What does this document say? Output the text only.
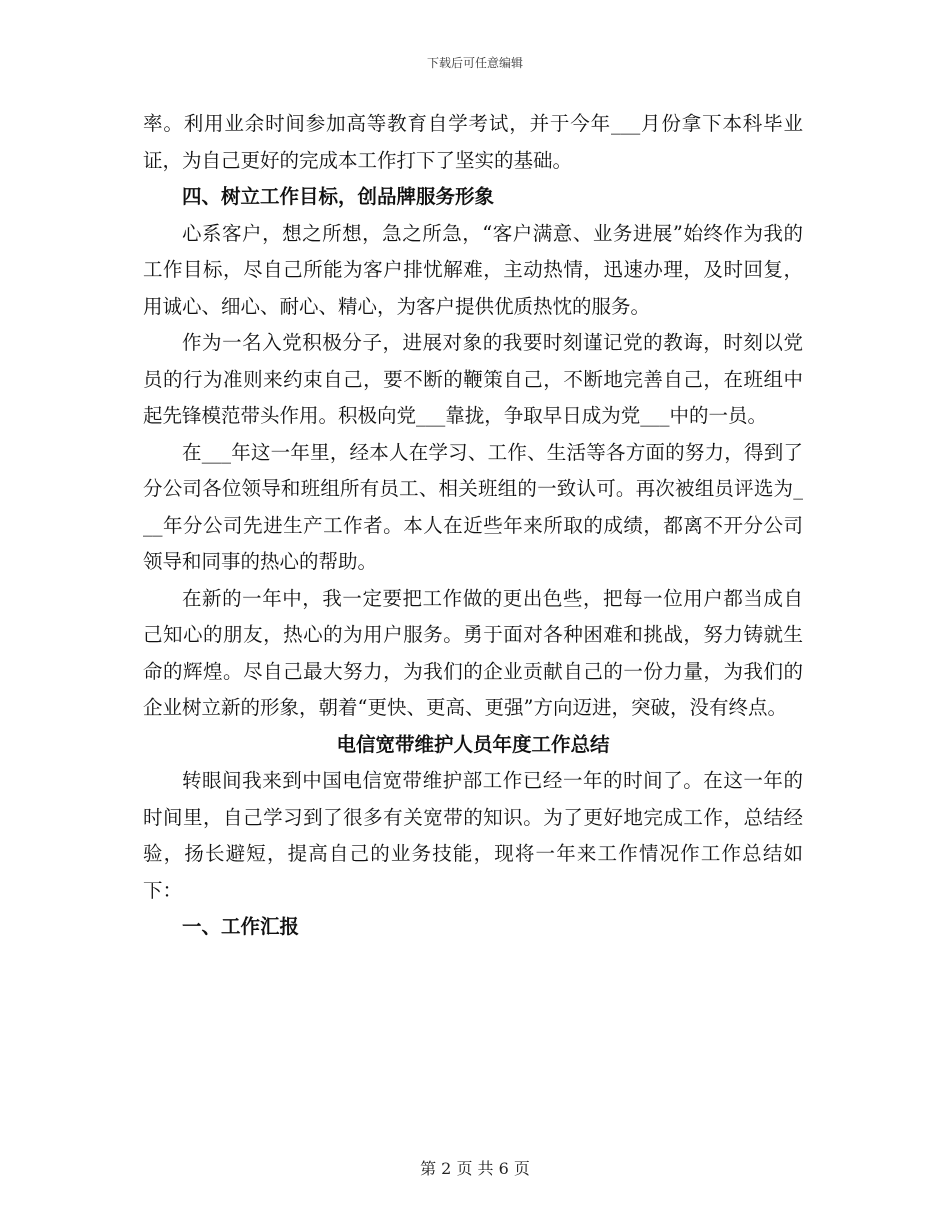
下载后可任意编辑

率。利用业余时间参加高等教育自学考试，并于今年___月份拿下本科毕业证，为自己更好的完成本工作打下了坚实的基础。

四、树立工作目标，创品牌服务形象

心系客户，想之所想，急之所急，“客户满意、业务进展”始终作为我的工作目标，尽自己所能为客户排忧解难，主动热情，迅速办理，及时回复，用诚心、细心、耐心、精心，为客户提供优质热忱的服务。

作为一名入党积极分子，进展对象的我要时刻谨记党的教诲，时刻以党员的行为准则来约束自己，要不断的鞭策自己，不断地完善自己，在班组中起先锋模范带头作用。积极向党___靠拢，争取早日成为党___中的一员。

在___年这一年里，经本人在学习、工作、生活等各方面的努力，得到了分公司各位领导和班组所有员工、相关班组的一致认可。再次被组员评选为___年分公司先进生产工作者。本人在近些年来所取的成绩，都离不开分公司领导和同事的热心的帮助。

在新的一年中，我一定要把工作做的更出色些，把每一位用户都当成自己知心的朋友，热心的为用户服务。勇于面对各种困难和挑战，努力铸就生命的辉煌。尽自己最大努力，为我们的企业贡献自己的一份力量，为我们的企业树立新的形象，朝着“更快、更高、更强”方向迈进，突破，没有终点。

电信宽带维护人员年度工作总结

转眼间我来到中国电信宽带维护部工作已经一年的时间了。在这一年的时间里，自己学习到了很多有关宽带的知识。为了更好地完成工作，总结经验，扬长避短，提高自己的业务技能，现将一年来工作情况作工作总结如下：

一、工作汇报
第 2 页 共 6 页
